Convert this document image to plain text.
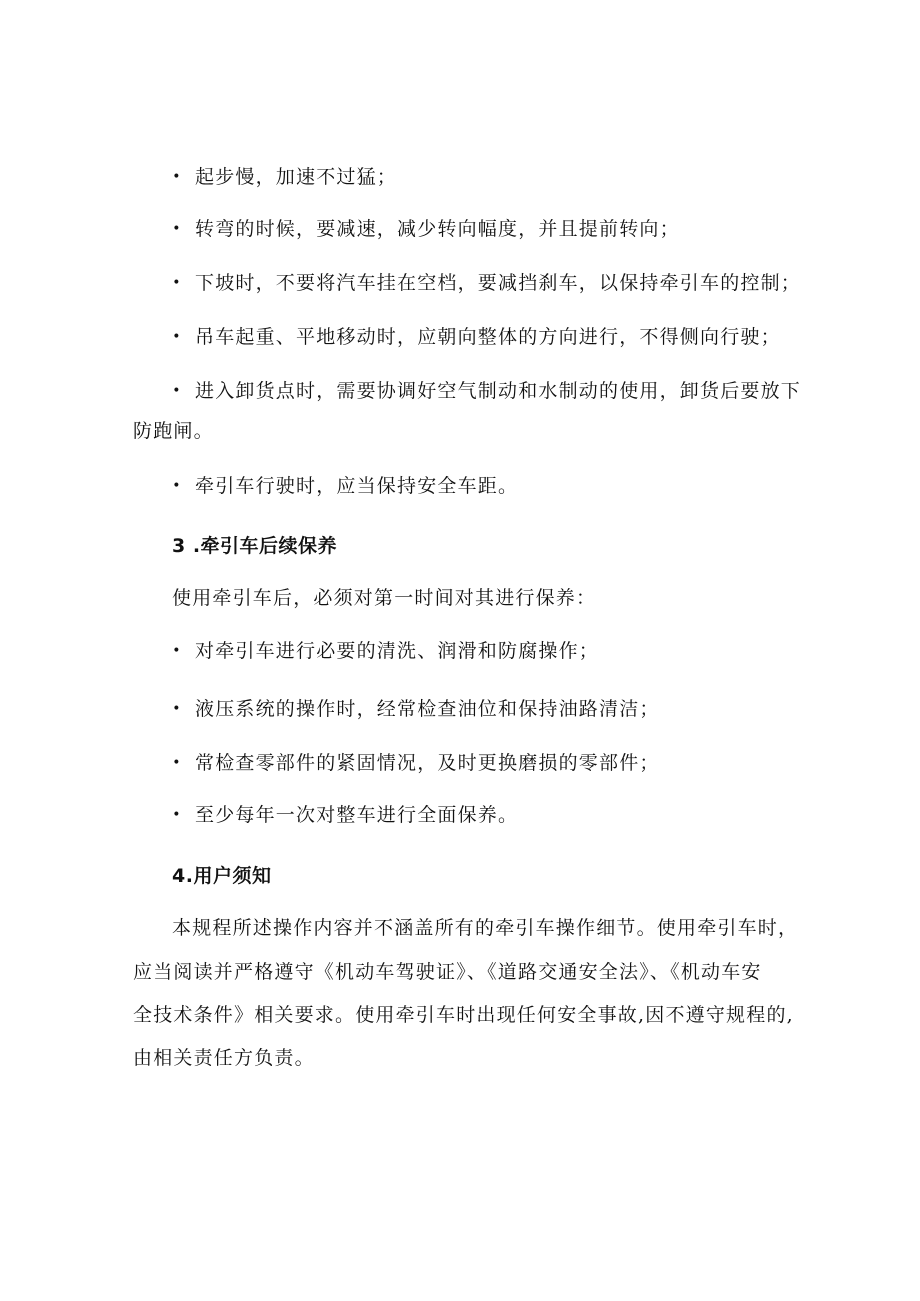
• 起步慢，加速不过猛；
• 转弯的时候，要减速，减少转向幅度，并且提前转向；
• 下坡时，不要将汽车挂在空档，要减挡刹车，以保持牵引车的控制；
• 吊车起重、平地移动时，应朝向整体的方向进行，不得侧向行驶；
• 进入卸货点时，需要协调好空气制动和水制动的使用，卸货后要放下
防跑闸。
• 牵引车行驶时，应当保持安全车距。
3 .牵引车后续保养
使用牵引车后，必须对第一时间对其进行保养：
• 对牵引车进行必要的清洗、润滑和防腐操作；
• 液压系统的操作时，经常检查油位和保持油路清洁；
• 常检查零部件的紧固情况，及时更换磨损的零部件；
• 至少每年一次对整车进行全面保养。
4.用户须知
本规程所述操作内容并不涵盖所有的牵引车操作细节。使用牵引车时，
应当阅读并严格遵守《机动车驾驶证》、《道路交通安全法》、《机动车安
全技术条件》相关要求。使用牵引车时出现任何安全事故,因不遵守规程的,
由相关责任方负责。
